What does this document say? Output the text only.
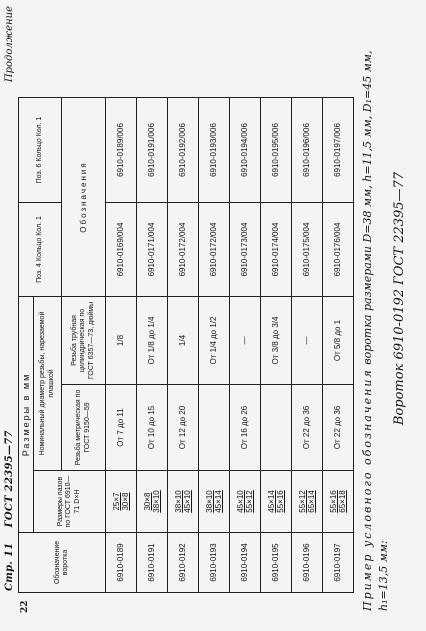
Стр. 11    ГОСТ 22395—77
Продолжение
22
Обозначение воротка	Размеры в мм			Поз. 4 Кольцо Кол. 1	Поз. 6 Кольцо Кол. 1
	Размеры пазов по ГОСТ 6910—71 D×H	Номинальный диаметр резьбы, нарезаемой плашкой			
		Резьба метрическая по ГОСТ 9150—59	Резьба трубная цилиндрическая по ГОСТ 6357—73, дюймы	Обозначения	
6910-0189	25×7 30×8	От 7 до 11	1/8	6910-0169/004	6910-0189/006
6910-0191	30×8 38×10	От 10 до 15	От 1/8 до 1/4	6910-0171/004	6910-0191/006
6910-0192	38×10 45×10	От 12 до 20	1/4	6910-0172/004	6910-0192/006
6910-0193	38×10 45×14		От 1/4 до 1/2	6910-0172/004	6910-0193/006
6910-0194	45×10 55×12	От 16 до 26	—	6910-0173/004	6910-0194/006
6910-0195	45×14 55×16		От 3/8 до 3/4	6910-0174/004	6910-0195/006
6910-0196	55×12 65×14	От 22 до 36	—	6910-0175/004	6910-0196/006
6910-0197	55×16 65×18	От 22 до 36	От 5/8 до 1	6910-0176/004	6910-0197/006
Пример условного обозначения воротка размерами D=38 мм, h=11,5 мм, D₁=45 мм, h₁=13,5 мм:
Вороток 6910-0192 ГОСТ 22395—77
